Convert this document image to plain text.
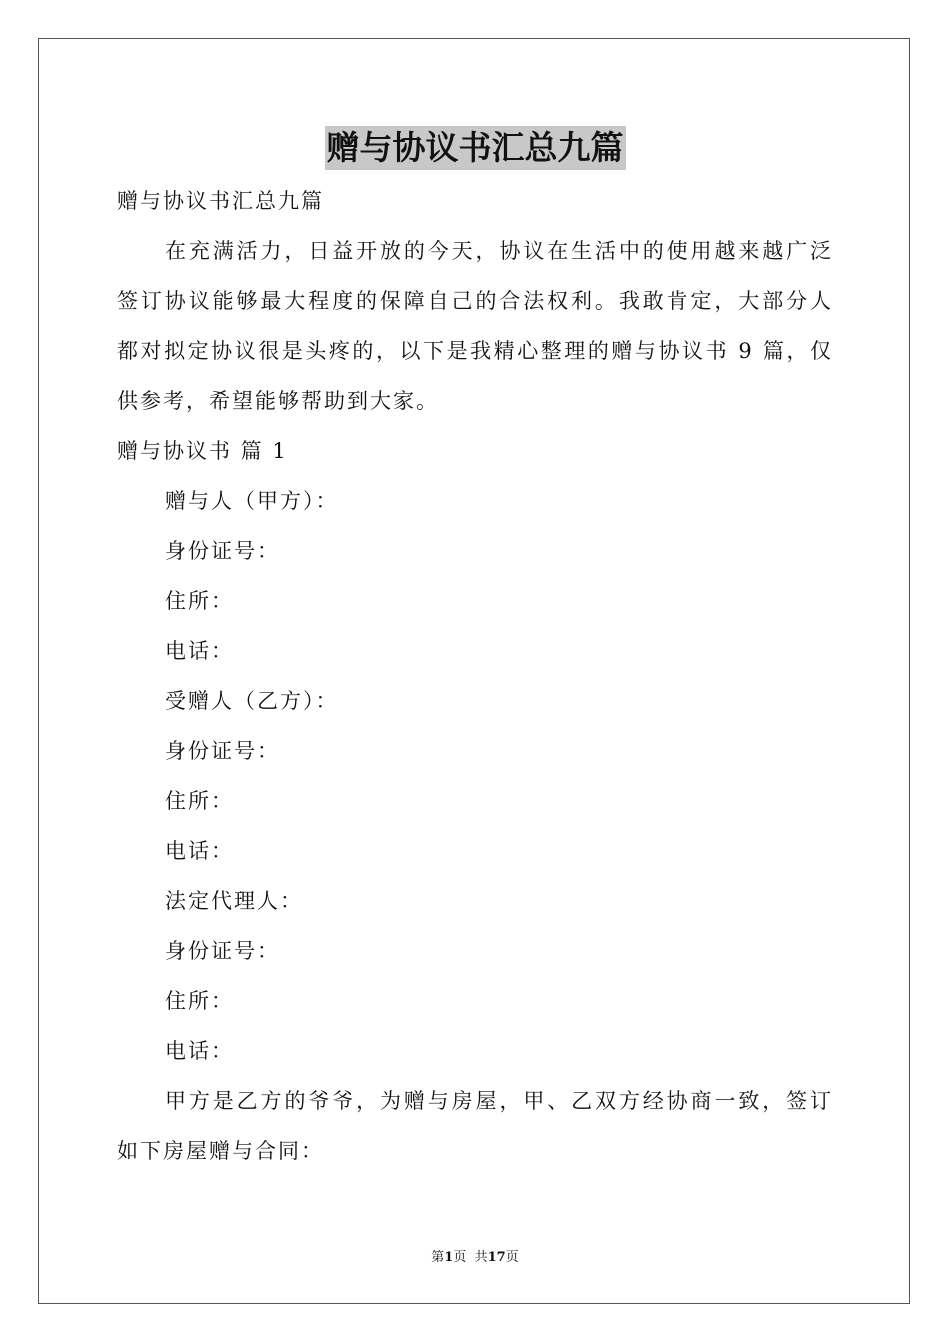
赠与协议书汇总九篇
赠与协议书汇总九篇
在充满活力，日益开放的今天，协议在生活中的使用越来越广泛
签订协议能够最大程度的保障自己的合法权利。我敢肯定，大部分人
都对拟定协议很是头疼的，以下是我精心整理的赠与协议书 9 篇，仅
供参考，希望能够帮助到大家。
赠与协议书 篇 1
赠与人（甲方）：
身份证号：
住所：
电话：
受赠人（乙方）：
身份证号：
住所：
电话：
法定代理人：
身份证号：
住所：
电话：
甲方是乙方的爷爷，为赠与房屋，甲、乙双方经协商一致，签订
如下房屋赠与合同：
第1页  共17页
